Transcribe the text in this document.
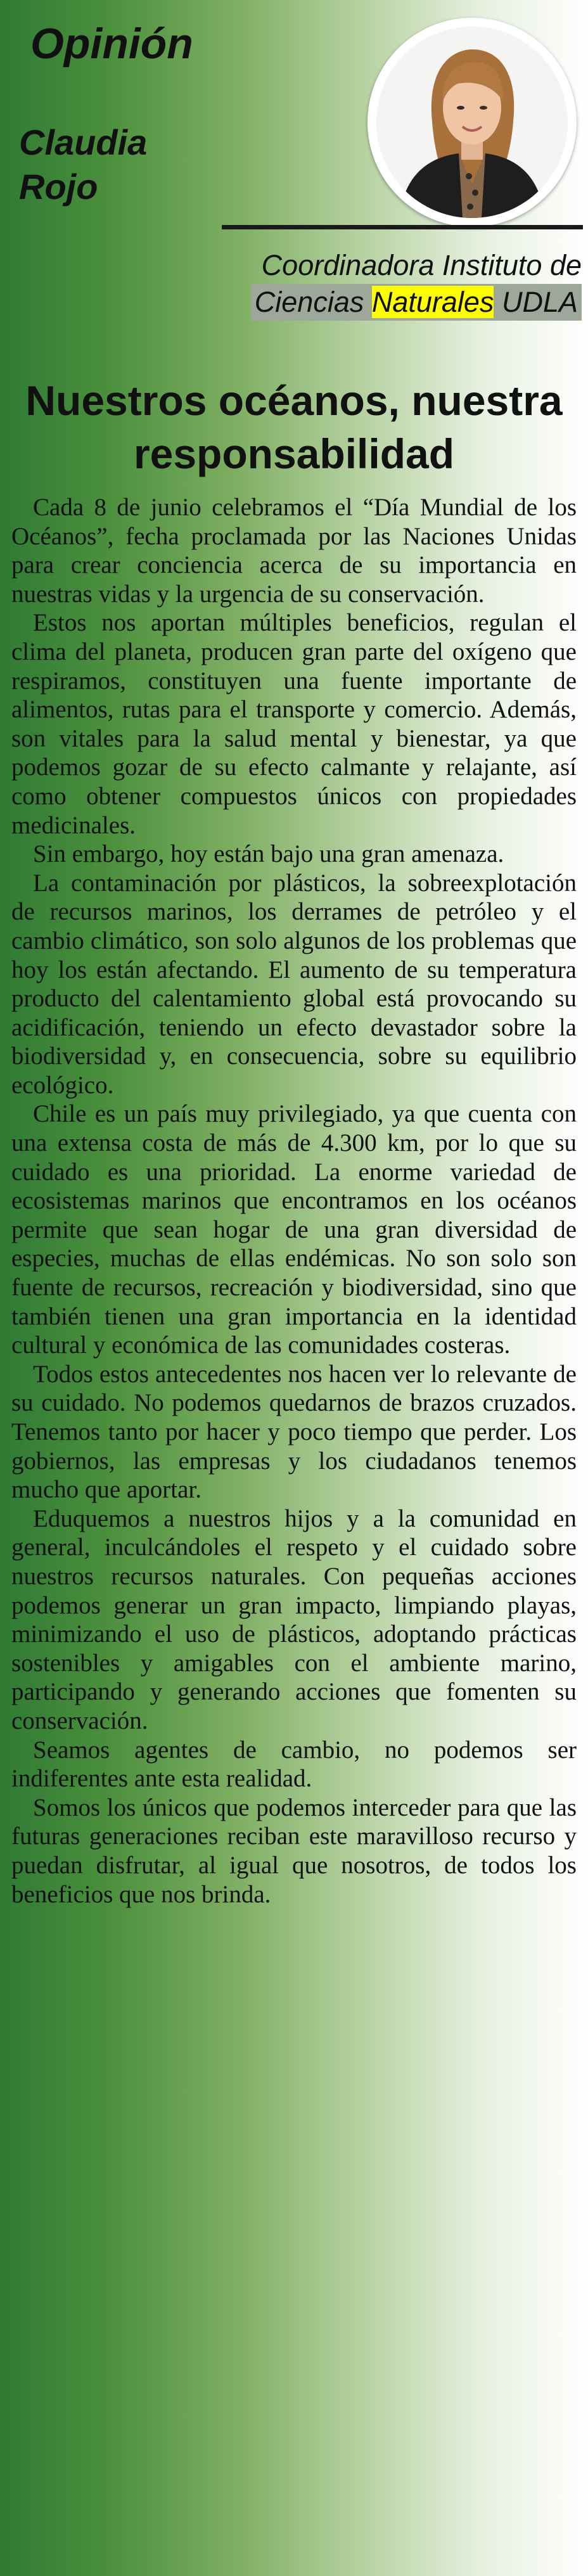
Opinión
Claudia
Rojo
Coordinadora Instituto de
Ciencias Naturales UDLA
Nuestros océanos, nuestra responsabilidad

Cada 8 de junio celebramos el “Día Mundial de los Océanos”, fecha proclamada por las Naciones Unidas para crear conciencia acerca de su importancia en nuestras vidas y la urgencia de su conservación.

Estos nos aportan múltiples beneficios, regulan el clima del planeta, producen gran parte del oxígeno que respiramos, constituyen una fuente importante de alimentos, rutas para el transporte y comercio. Además, son vitales para la salud mental y bienestar, ya que podemos gozar de su efecto calmante y relajante, así como obtener compuestos únicos con propiedades medicinales.

Sin embargo, hoy están bajo una gran amenaza.

La contaminación por plásticos, la sobreexplotación de recursos marinos, los derrames de petróleo y el cambio climático, son solo algunos de los problemas que hoy los están afectando. El aumento de su temperatura producto del calentamiento global está provocando su acidificación, teniendo un efecto devastador sobre la biodiversidad y, en consecuencia, sobre su equilibrio ecológico.

Chile es un país muy privilegiado, ya que cuenta con una extensa costa de más de 4.300 km, por lo que su cuidado es una prioridad. La enorme variedad de ecosistemas marinos que encontramos en los océanos permite que sean hogar de una gran diversidad de especies, muchas de ellas endémicas. No son solo son fuente de recursos, recreación y biodiversidad, sino que también tienen una gran importancia en la identidad cultural y económica de las comunidades costeras.

Todos estos antecedentes nos hacen ver lo relevante de su cuidado. No podemos quedarnos de brazos cruzados. Tenemos tanto por hacer y poco tiempo que perder. Los gobiernos, las empresas y los ciudadanos tenemos mucho que aportar.

Eduquemos a nuestros hijos y a la comunidad en general, inculcándoles el respeto y el cuidado sobre nuestros recursos naturales. Con pequeñas acciones podemos generar un gran impacto, limpiando playas, minimizando el uso de plásticos, adoptando prácticas sostenibles y amigables con el ambiente marino, participando y generando acciones que fomenten su conservación.

Seamos agentes de cambio, no podemos ser indiferentes ante esta realidad.

Somos los únicos que podemos interceder para que las futuras generaciones reciban este maravilloso recurso y puedan disfrutar, al igual que nosotros, de todos los beneficios que nos brinda.
